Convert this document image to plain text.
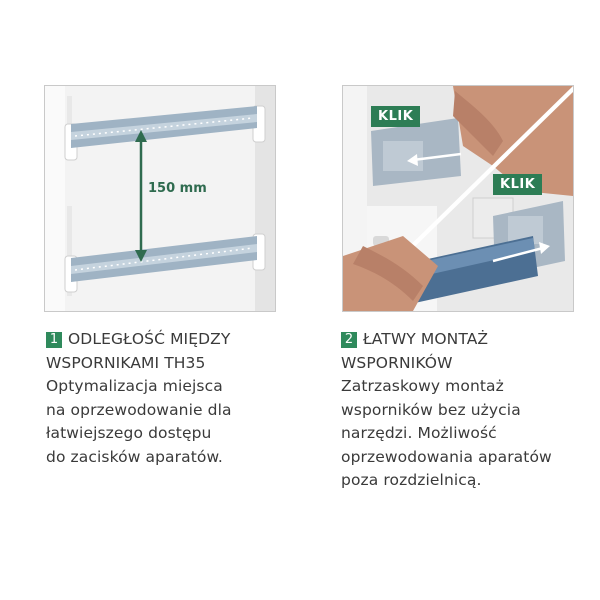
150 mm
KLIK
KLIK
1 ODLEGŁOŚĆ MIĘDZY
WSPORNIKAMI TH35
Optymalizacja miejsca
na oprzewodowanie dla
łatwiejszego dostępu
do zacisków aparatów.
2 ŁATWY MONTAŻ
WSPORNIKÓW
Zatrzaskowy montaż
wsporników bez użycia
narzędzi. Możliwość
oprzewodowania aparatów
poza rozdzielnicą.
